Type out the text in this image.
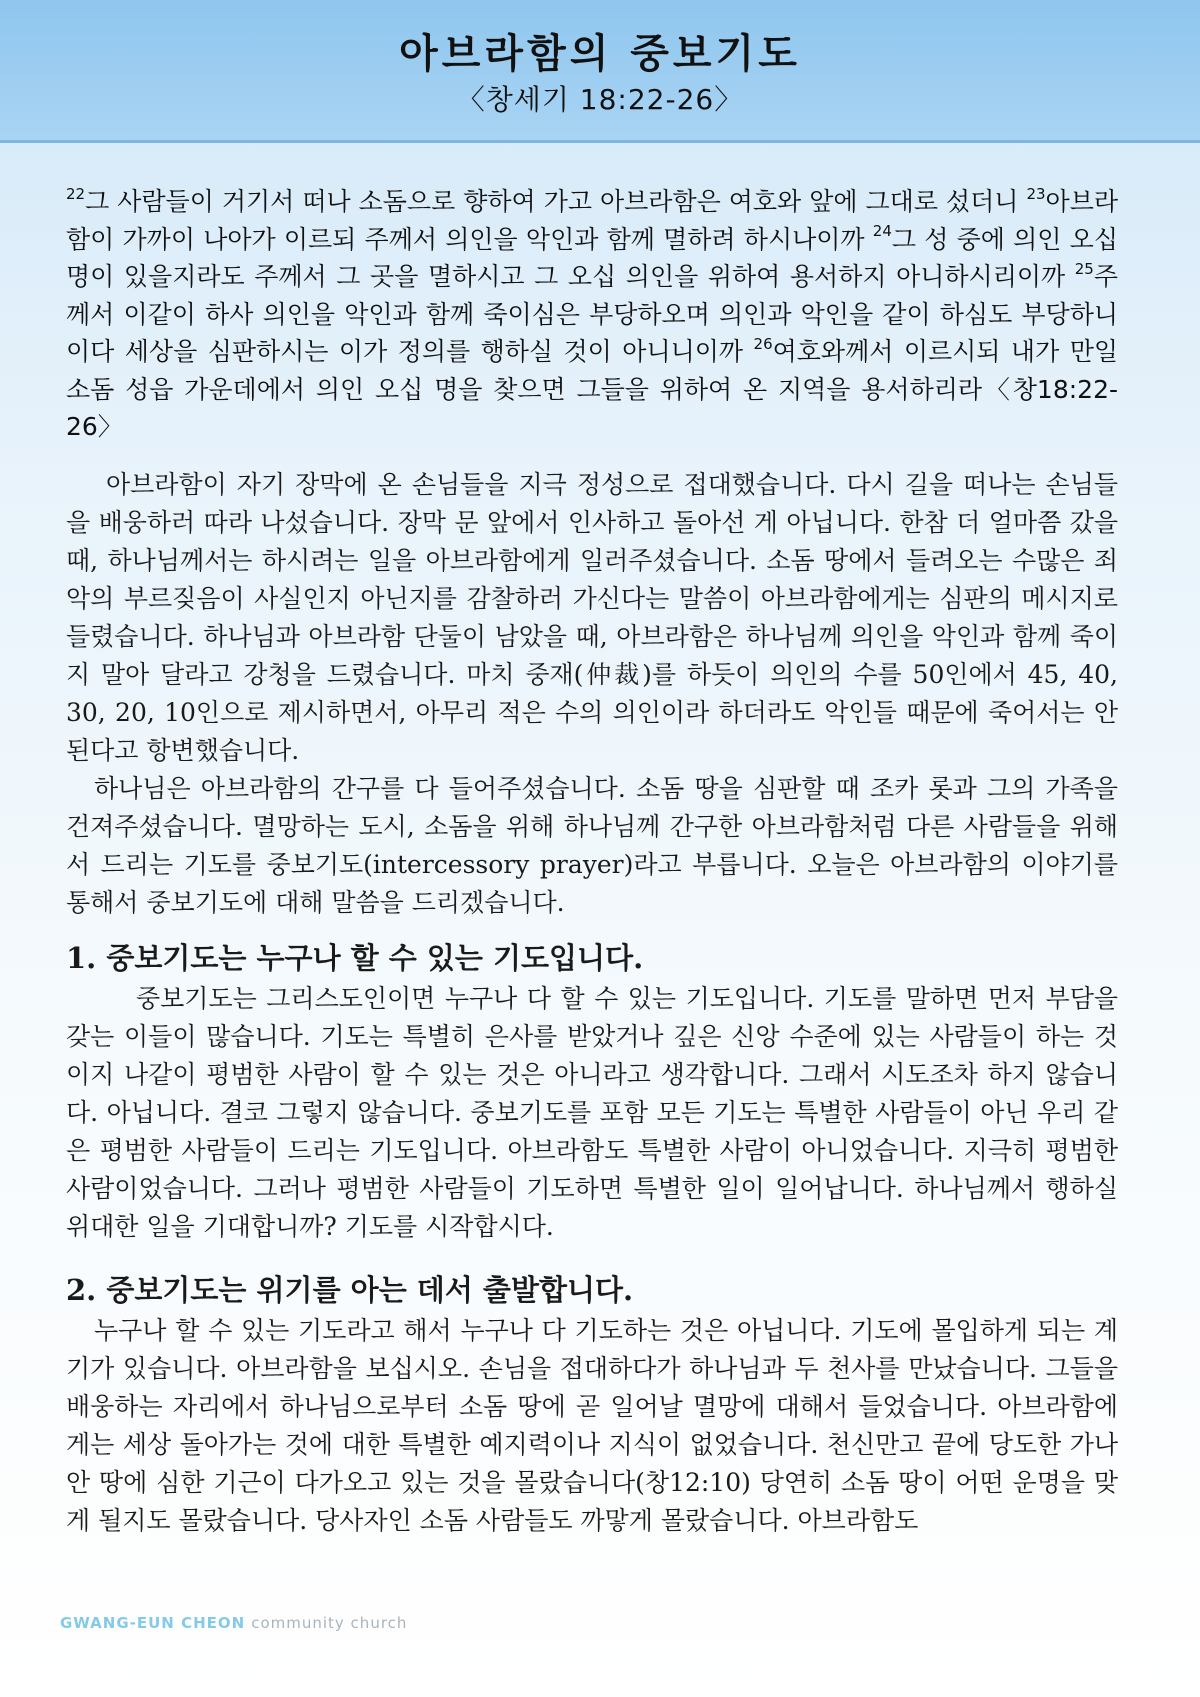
아브라함의 중보기도
〈창세기 18:22-26〉

$^{22}$그 사람들이 거기서 떠나 소돔으로 향하여 가고 아브라함은 여호와 앞에 그대로 섰더니 $^{23}$아브라함이 가까이 나아가 이르되 주께서 의인을 악인과 함께 멸하려 하시나이까 $^{24}$그 성 중에 의인 오십 명이 있을지라도 주께서 그 곳을 멸하시고 그 오십 의인을 위하여 용서하지 아니하시리이까 $^{25}$주께서 이같이 하사 의인을 악인과 함께 죽이심은 부당하오며 의인과 악인을 같이 하심도 부당하니이다 세상을 심판하시는 이가 정의를 행하실 것이 아니니이까 $^{26}$여호와께서 이르시되 내가 만일 소돔 성읍 가운데에서 의인 오십 명을 찾으면 그들을 위하여 온 지역을 용서하리라〈창18:22-26〉

아브라함이 자기 장막에 온 손님들을 지극 정성으로 접대했습니다. 다시 길을 떠나는 손님들을 배웅하러 따라 나섰습니다. 장막 문 앞에서 인사하고 돌아선 게 아닙니다. 한참 더 얼마쯤 갔을 때, 하나님께서는 하시려는 일을 아브라함에게 일러주셨습니다. 소돔 땅에서 들려오는 수많은 죄악의 부르짖음이 사실인지 아닌지를 감찰하러 가신다는 말씀이 아브라함에게는 심판의 메시지로 들렸습니다. 하나님과 아브라함 단둘이 남았을 때, 아브라함은 하나님께 의인을 악인과 함께 죽이지 말아 달라고 강청을 드렸습니다. 마치 중재(仲裁)를 하듯이 의인의 수를 50인에서 45, 40, 30, 20, 10인으로 제시하면서, 아무리 적은 수의 의인이라 하더라도 악인들 때문에 죽어서는 안 된다고 항변했습니다.

하나님은 아브라함의 간구를 다 들어주셨습니다. 소돔 땅을 심판할 때 조카 롯과 그의 가족을 건져주셨습니다. 멸망하는 도시, 소돔을 위해 하나님께 간구한 아브라함처럼 다른 사람들을 위해서 드리는 기도를 중보기도(intercessory prayer)라고 부릅니다. 오늘은 아브라함의 이야기를 통해서 중보기도에 대해 말씀을 드리겠습니다.

1. 중보기도는 누구나 할 수 있는 기도입니다.

중보기도는 그리스도인이면 누구나 다 할 수 있는 기도입니다. 기도를 말하면 먼저 부담을 갖는 이들이 많습니다. 기도는 특별히 은사를 받았거나 깊은 신앙 수준에 있는 사람들이 하는 것이지 나같이 평범한 사람이 할 수 있는 것은 아니라고 생각합니다. 그래서 시도조차 하지 않습니다. 아닙니다. 결코 그렇지 않습니다. 중보기도를 포함 모든 기도는 특별한 사람들이 아닌 우리 같은 평범한 사람들이 드리는 기도입니다. 아브라함도 특별한 사람이 아니었습니다. 지극히 평범한 사람이었습니다. 그러나 평범한 사람들이 기도하면 특별한 일이 일어납니다. 하나님께서 행하실 위대한 일을 기대합니까? 기도를 시작합시다.

2. 중보기도는 위기를 아는 데서 출발합니다.

누구나 할 수 있는 기도라고 해서 누구나 다 기도하는 것은 아닙니다. 기도에 몰입하게 되는 계기가 있습니다. 아브라함을 보십시오. 손님을 접대하다가 하나님과 두 천사를 만났습니다. 그들을 배웅하는 자리에서 하나님으로부터 소돔 땅에 곧 일어날 멸망에 대해서 들었습니다. 아브라함에게는 세상 돌아가는 것에 대한 특별한 예지력이나 지식이 없었습니다. 천신만고 끝에 당도한 가나안 땅에 심한 기근이 다가오고 있는 것을 몰랐습니다(창12:10) 당연히 소돔 땅이 어떤 운명을 맞게 될지도 몰랐습니다. 당사자인 소돔 사람들도 까맣게 몰랐습니다. 아브라함도

GWANG-EUN CHEON community church
